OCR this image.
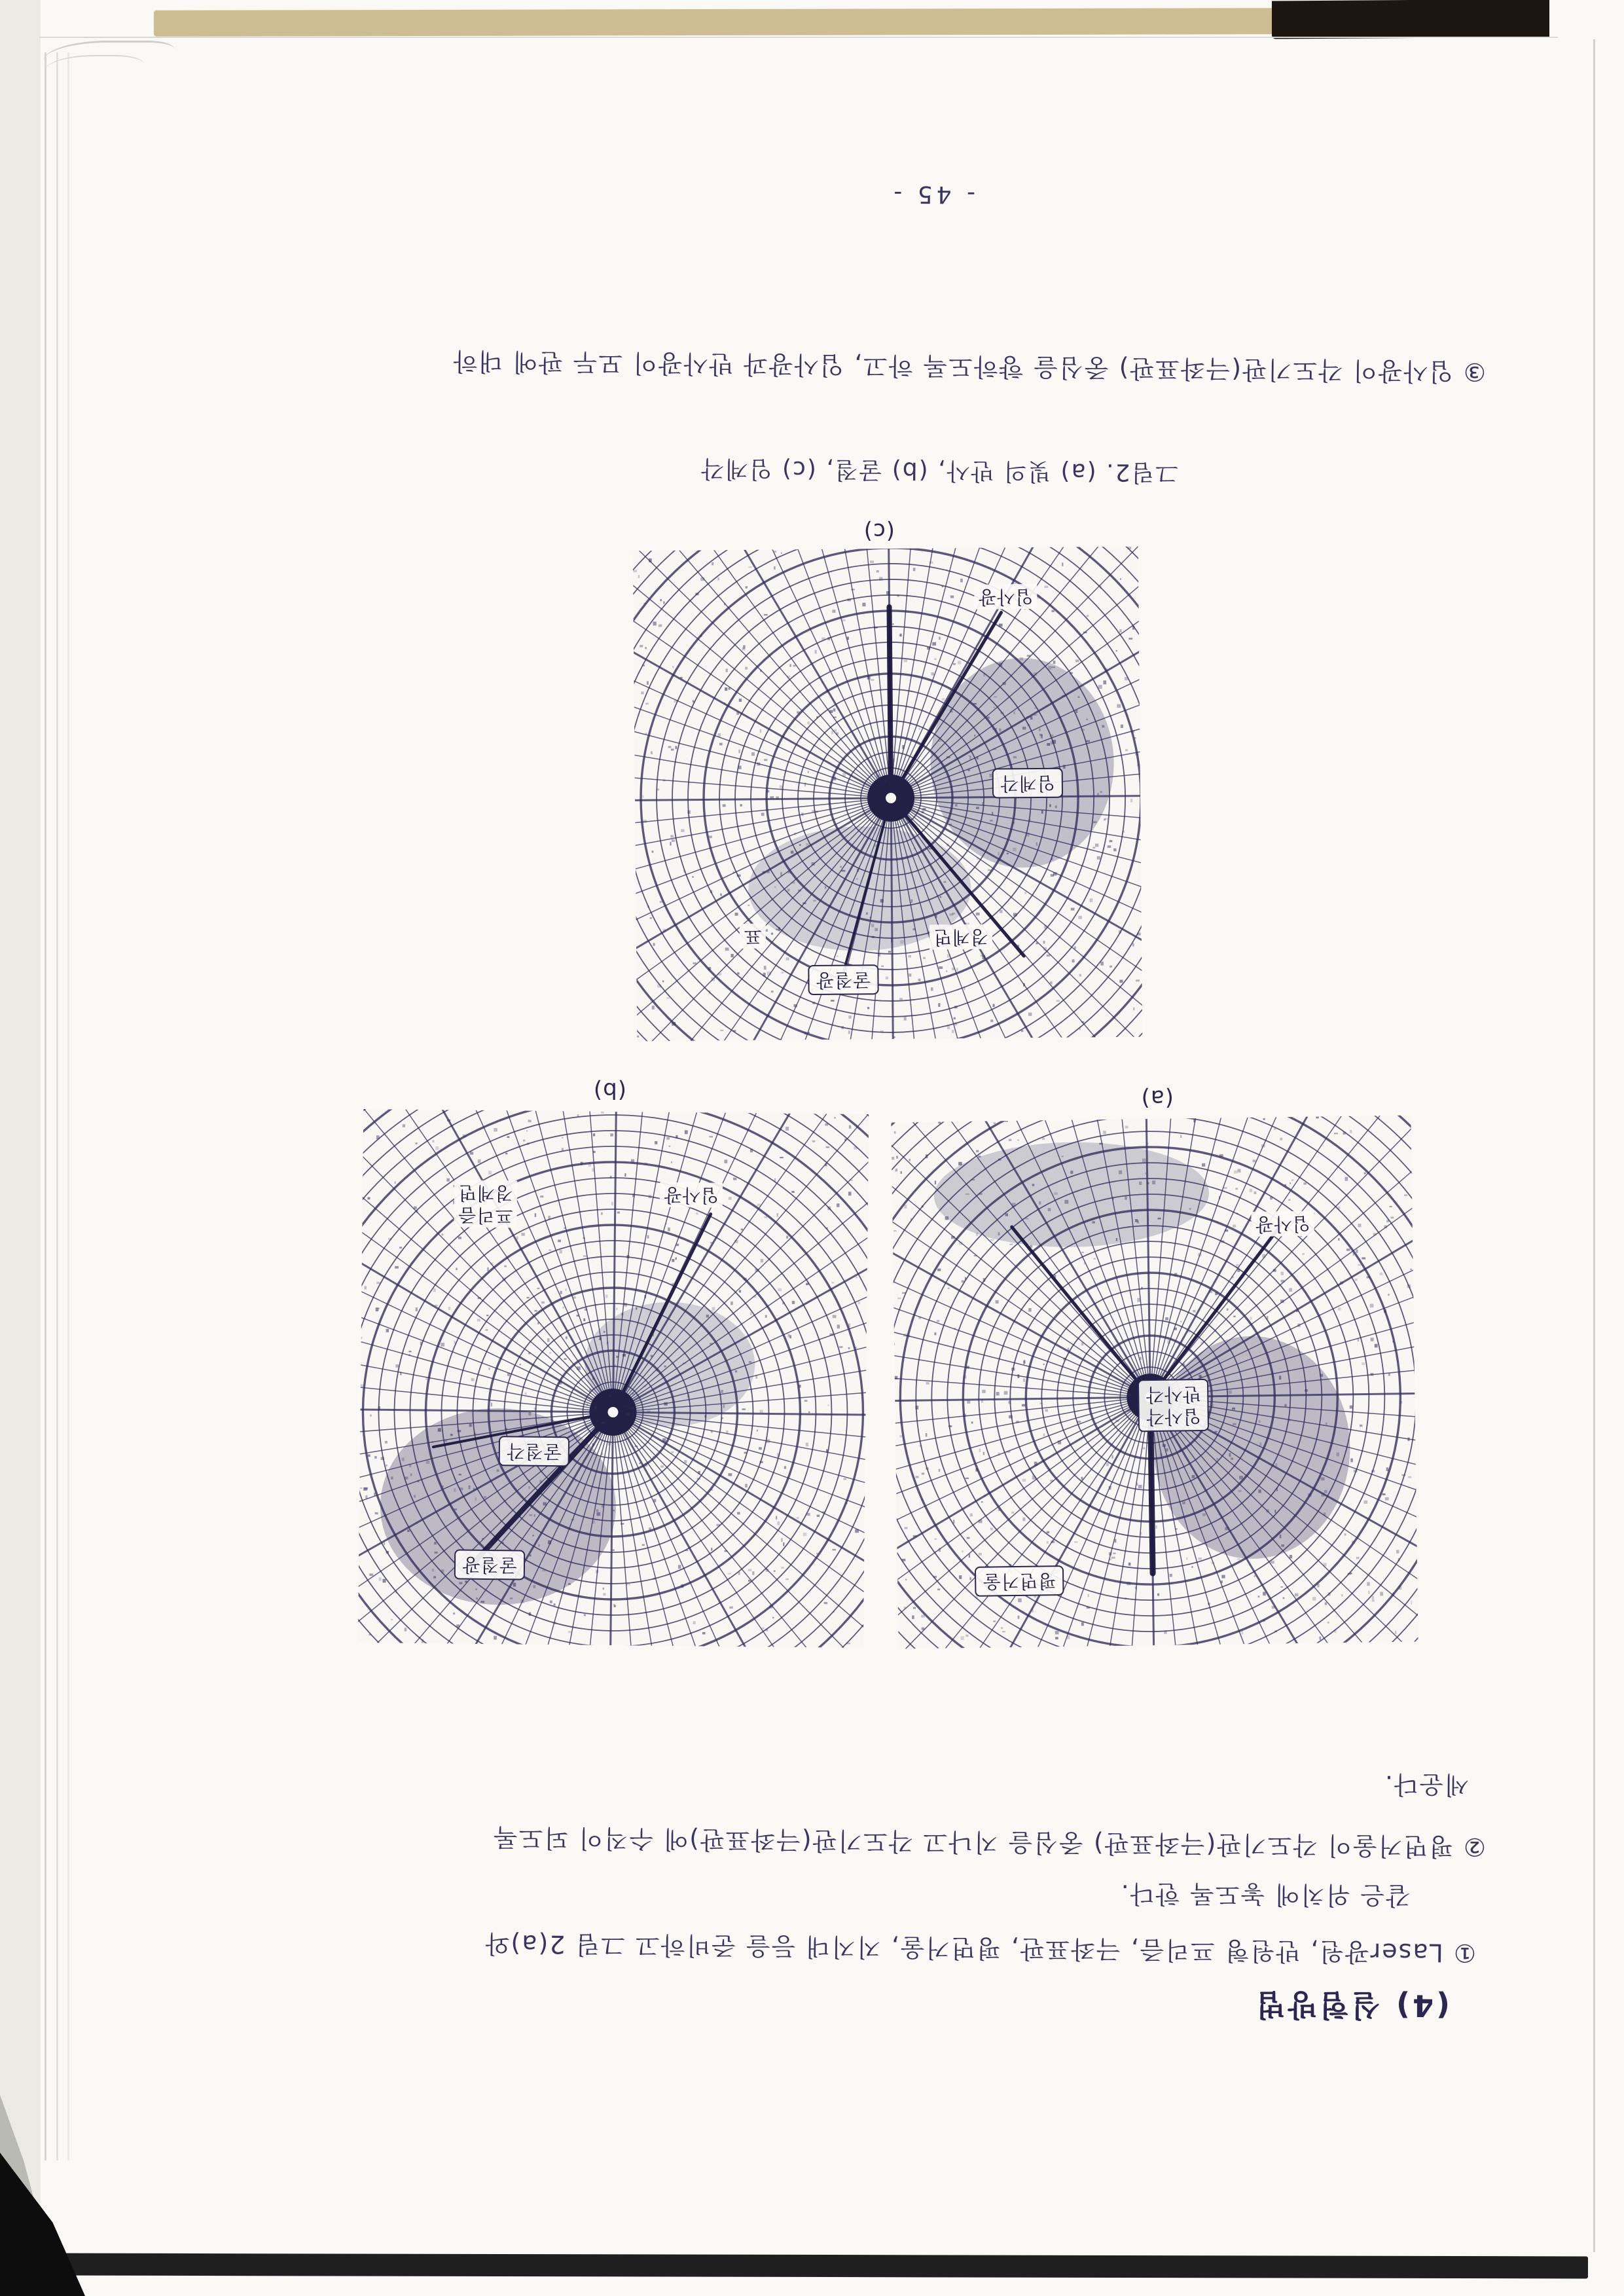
(4) 실험방법
① Laser광원, 반원형 프리즘, 극좌표판, 평면거울, 지지대 등을 준비하고 그림 2(a)와
같은 위치에 놓도록 한다.
② 평면거울이 각도기판(극좌표판) 중심을 지나고 각도기판(극좌표판)에 수직이 되도록
세운다.
입사광
입사각
반사각
평면거울
(a)
입사광
굴절각
굴절광
프리즘
경계면
(b)
입사광
임계각
경계면
표
굴절광
(c)
그림2. (a) 빛의 반사, (b) 굴절, (c) 임계각
③ 입사광이 각도기판(극좌표판) 중심을 향하도록 하고, 입사광과 반사광이 모두 판에 대하
- 45 -
